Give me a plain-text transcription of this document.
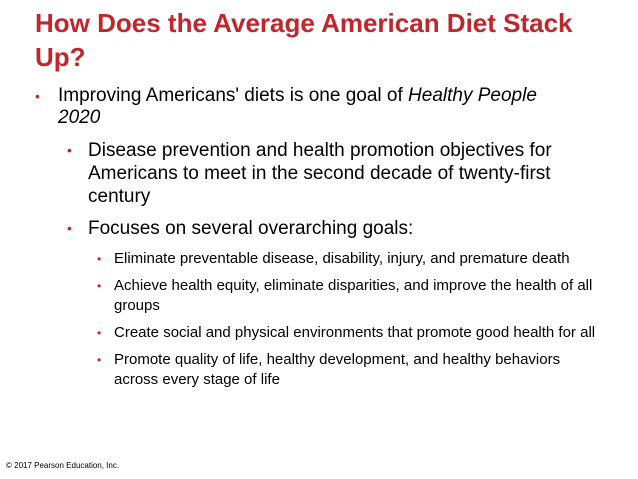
How Does the Average American Diet Stack Up?

• Improving Americans' diets is one goal of Healthy People 2020

• Disease prevention and health promotion objectives for Americans to meet in the second decade of twenty-first century

• Focuses on several overarching goals:

• Eliminate preventable disease, disability, injury, and premature death

• Achieve health equity, eliminate disparities, and improve the health of all groups

• Create social and physical environments that promote good health for all

• Promote quality of life, healthy development, and healthy behaviors across every stage of life

© 2017 Pearson Education, Inc.
